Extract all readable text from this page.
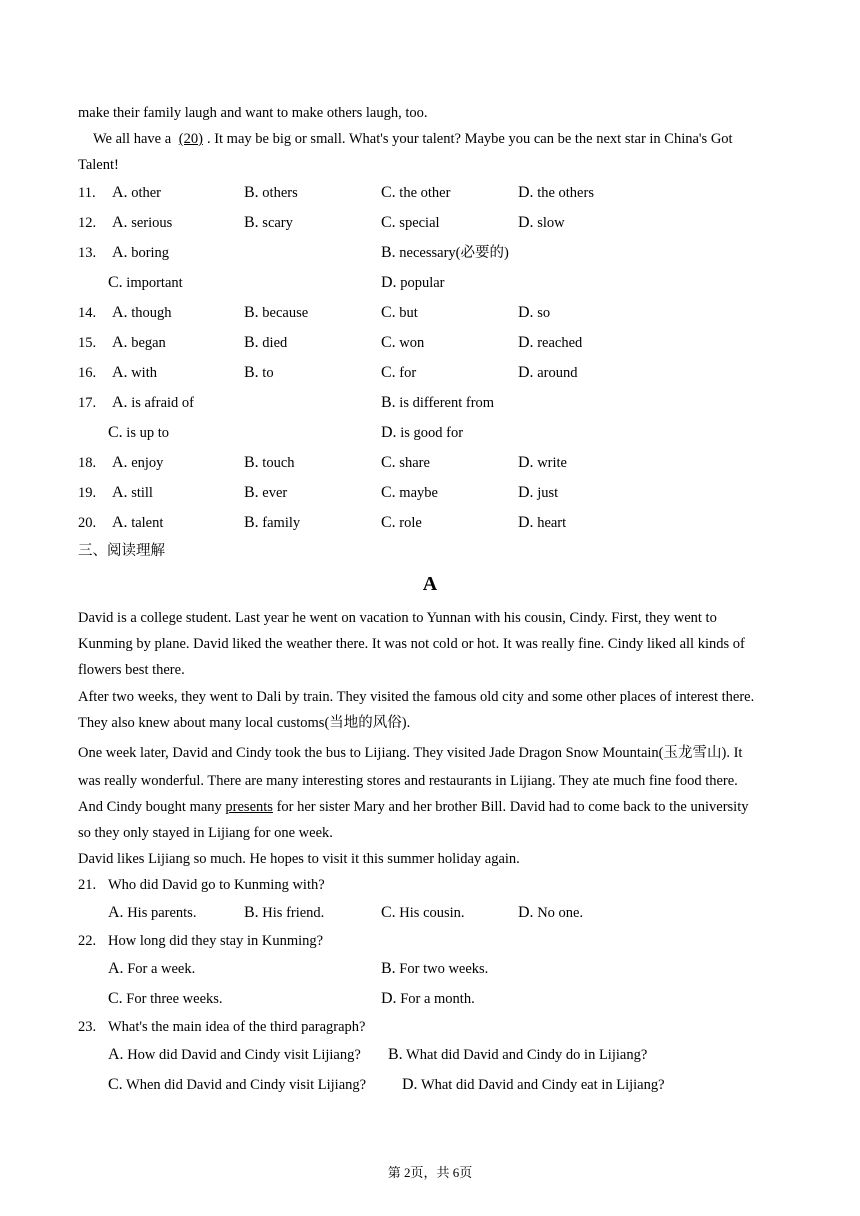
make their family laugh and want to make others laugh, too.
We all have a (20) . It may be big or small. What's your talent? Maybe you can be the next star in China's Got
Talent!
11. A. other	B. others	C. the other	D. the others
12. A. serious	B. scary	C. special	D. slow
13. A. boring	B. necessary(必要的)
C. important	D. popular
14. A. though	B. because	C. but	D. so
15. A. began	B. died	C. won	D. reached
16. A. with	B. to	C. for	D. around
17. A. is afraid of	B. is different from
C. is up to	D. is good for
18. A. enjoy	B. touch	C. share	D. write
19. A. still	B. ever	C. maybe	D. just
20. A. talent	B. family	C. role	D. heart
三、阅读理解
A
David is a college student. Last year he went on vacation to Yunnan with his cousin, Cindy. First, they went to
Kunming by plane. David liked the weather there. It was not cold or hot. It was really fine. Cindy liked all kinds of
flowers best there.
After two weeks, they went to Dali by train. They visited the famous old city and some other places of interest there.
They also knew about many local customs(当地的风俗).
One week later, David and Cindy took the bus to Lijiang. They visited Jade Dragon Snow Mountain(玉龙雪山). It
was really wonderful. There are many interesting stores and restaurants in Lijiang. They ate much fine food there.
And Cindy bought many presents for her sister Mary and her brother Bill. David had to come back to the university
so they only stayed in Lijiang for one week.
David likes Lijiang so much. He hopes to visit it this summer holiday again.
21. Who did David go to Kunming with?
A. His parents.	B. His friend.	C. His cousin.	D. No one.
22. How long did they stay in Kunming?
A. For a week.	B. For two weeks.
C. For three weeks.	D. For a month.
23. What's the main idea of the third paragraph?
A. How did David and Cindy visit Lijiang? B. What did David and Cindy do in Lijiang?
C. When did David and Cindy visit Lijiang? D. What did David and Cindy eat in Lijiang?
第 2页，共 6页
